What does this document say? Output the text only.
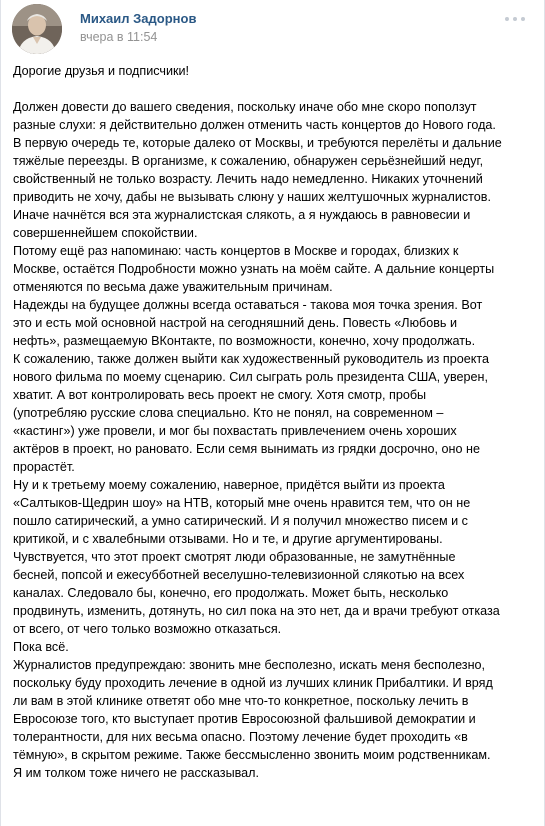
Михаил Задорнов
вчера в 11:54

Дорогие друзья и подписчики!

Должен довести до вашего сведения, поскольку иначе обо мне скоро поползут
разные слухи: я действительно должен отменить часть концертов до Нового года.
В первую очередь те, которые далеко от Москвы, и требуются перелёты и дальние
тяжёлые переезды. В организме, к сожалению, обнаружен серьёзнейший недуг,
свойственный не только возрасту. Лечить надо немедленно. Никаких уточнений
приводить не хочу, дабы не вызывать слюну у наших желтушочных журналистов.
Иначе начнётся вся эта журналистская слякоть, а я нуждаюсь в равновесии и
совершеннейшем спокойствии.

Потому ещё раз напоминаю: часть концертов в Москве и городах, близких к
Москве, остаётся Подробности можно узнать на моём сайте. А дальние концерты
отменяются по весьма даже уважительным причинам.

Надежды на будущее должны всегда оставаться - такова моя точка зрения. Вот
это и есть мой основной настрой на сегодняшний день. Повесть «Любовь и
нефть», размещаемую ВКонтакте, по возможности, конечно, хочу продолжать.

К сожалению, также должен выйти как художественный руководитель из проекта
нового фильма по моему сценарию. Сил сыграть роль президента США, уверен,
хватит. А вот контролировать весь проект не смогу. Хотя смотр, пробы
(употребляю русские слова специально. Кто не понял, на современном –
«кастинг») уже провели, и мог бы похвастать привлечением очень хороших
актёров в проект, но рановато. Если семя вынимать из грядки досрочно, оно не
прорастёт.

Ну и к третьему моему сожалению, наверное, придётся выйти из проекта
«Салтыков-Щедрин шоу» на НТВ, который мне очень нравится тем, что он не
пошло сатирический, а умно сатирический. И я получил множество писем и с
критикой, и с хвалебными отзывами. Но и те, и другие аргументированы.
Чувствуется, что этот проект смотрят люди образованные, не замутнённые
бесней, попсой и ежесубботней веселушно-телевизионной слякотью на всех
каналах. Следовало бы, конечно, его продолжать. Может быть, несколько
продвинуть, изменить, дотянуть, но сил пока на это нет, да и врачи требуют отказа
от всего, от чего только возможно отказаться.

Пока всё.

Журналистов предупреждаю: звонить мне бесполезно, искать меня бесполезно,
поскольку буду проходить лечение в одной из лучших клиник Прибалтики. И вряд
ли вам в этой клинике ответят обо мне что-то конкретное, поскольку лечить в
Евросоюзе того, кто выступает против Евросоюзной фальшивой демократии и
толерантности, для них весьма опасно. Поэтому лечение будет проходить «в
тёмную», в скрытом режиме. Также бессмысленно звонить моим родственникам.
Я им толком тоже ничего не рассказывал.
